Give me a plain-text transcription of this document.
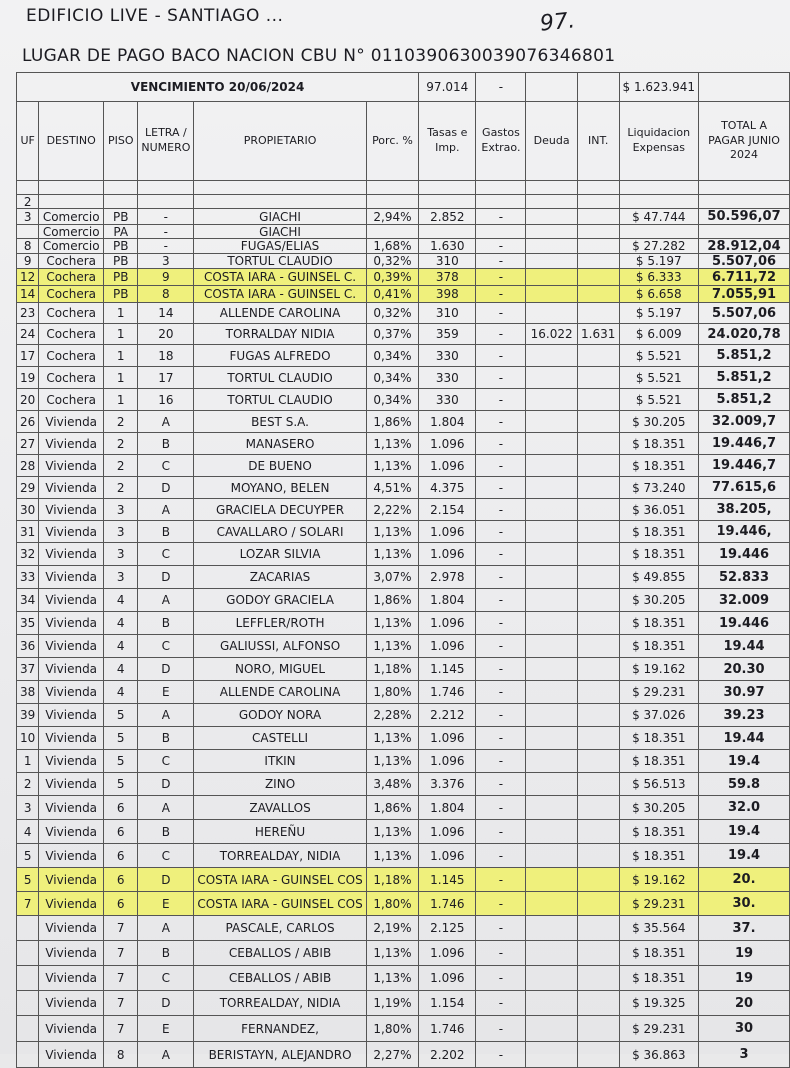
EDIFICIO LIVE - SANTIAGO ...	97.
LUGAR DE PAGO BACO NACION CBU N° 0110390630039076346801
VENCIMIENTO 20/06/2024						97.014	-			$ 1.623.941	
UF	DESTINO	PISO	LETRA / NUMERO	PROPIETARIO	Porc. %	Tasas e Imp.	Gastos Extrao.	Deuda	INT.	Liquidacion Expensas	TOTAL A PAGAR JUNIO 2024

2											
3	Comercio	PB	-	GIACHI	2,94%	2.852	-			$ 47.744	50.596,07
	Comercio	PA	-	GIACHI							
8	Comercio	PB	-	FUGAS/ELIAS	1,68%	1.630	-			$ 27.282	28.912,04
9	Cochera	PB	3	TORTUL CLAUDIO	0,32%	310	-			$ 5.197	5.507,06
12	Cochera	PB	9	COSTA IARA - GUINSEL C.	0,39%	378	-			$ 6.333	6.711,72
14	Cochera	PB	8	COSTA IARA - GUINSEL C.	0,41%	398	-			$ 6.658	7.055,91
23	Cochera	1	14	ALLENDE CAROLINA	0,32%	310	-			$ 5.197	5.507,06
24	Cochera	1	20	TORRALDAY NIDIA	0,37%	359	-	16.022	1.631	$ 6.009	24.020,78
17	Cochera	1	18	FUGAS ALFREDO	0,34%	330	-			$ 5.521	5.851,2
19	Cochera	1	17	TORTUL CLAUDIO	0,34%	330	-			$ 5.521	5.851,2
20	Cochera	1	16	TORTUL CLAUDIO	0,34%	330	-			$ 5.521	5.851,2
26	Vivienda	2	A	BEST S.A.	1,86%	1.804	-			$ 30.205	32.009,7
27	Vivienda	2	B	MANASERO	1,13%	1.096	-			$ 18.351	19.446,7
28	Vivienda	2	C	DE BUENO	1,13%	1.096	-			$ 18.351	19.446,7
29	Vivienda	2	D	MOYANO, BELEN	4,51%	4.375	-			$ 73.240	77.615,6
30	Vivienda	3	A	GRACIELA DECUYPER	2,22%	2.154	-			$ 36.051	38.205,
31	Vivienda	3	B	CAVALLARO / SOLARI	1,13%	1.096	-			$ 18.351	19.446,
32	Vivienda	3	C	LOZAR SILVIA	1,13%	1.096	-			$ 18.351	19.446
33	Vivienda	3	D	ZACARIAS	3,07%	2.978	-			$ 49.855	52.833
34	Vivienda	4	A	GODOY GRACIELA	1,86%	1.804	-			$ 30.205	32.009
35	Vivienda	4	B	LEFFLER/ROTH	1,13%	1.096	-			$ 18.351	19.446
36	Vivienda	4	C	GALIUSSI, ALFONSO	1,13%	1.096	-			$ 18.351	19.44
37	Vivienda	4	D	NORO, MIGUEL	1,18%	1.145	-			$ 19.162	20.30
38	Vivienda	4	E	ALLENDE CAROLINA	1,80%	1.746	-			$ 29.231	30.97
39	Vivienda	5	A	GODOY NORA	2,28%	2.212	-			$ 37.026	39.23
10	Vivienda	5	B	CASTELLI	1,13%	1.096	-			$ 18.351	19.44
1	Vivienda	5	C	ITKIN	1,13%	1.096	-			$ 18.351	19.4
2	Vivienda	5	D	ZINO	3,48%	3.376	-			$ 56.513	59.8
3	Vivienda	6	A	ZAVALLOS	1,86%	1.804	-			$ 30.205	32.0
4	Vivienda	6	B	HEREÑU	1,13%	1.096	-			$ 18.351	19.4
5	Vivienda	6	C	TORREALDAY, NIDIA	1,13%	1.096	-			$ 18.351	19.4
5	Vivienda	6	D	COSTA IARA - GUINSEL COS	1,18%	1.145	-			$ 19.162	20.
7	Vivienda	6	E	COSTA IARA - GUINSEL COS	1,80%	1.746	-			$ 29.231	30.
	Vivienda	7	A	PASCALE, CARLOS	2,19%	2.125	-			$ 35.564	37.
	Vivienda	7	B	CEBALLOS / ABIB	1,13%	1.096	-			$ 18.351	19
	Vivienda	7	C	CEBALLOS / ABIB	1,13%	1.096	-			$ 18.351	19
	Vivienda	7	D	TORREALDAY, NIDIA	1,19%	1.154	-			$ 19.325	20
	Vivienda	7	E	FERNANDEZ,	1,80%	1.746	-			$ 29.231	30
	Vivienda	8	A	BERISTAYN, ALEJANDRO	2,27%	2.202	-			$ 36.863	3
